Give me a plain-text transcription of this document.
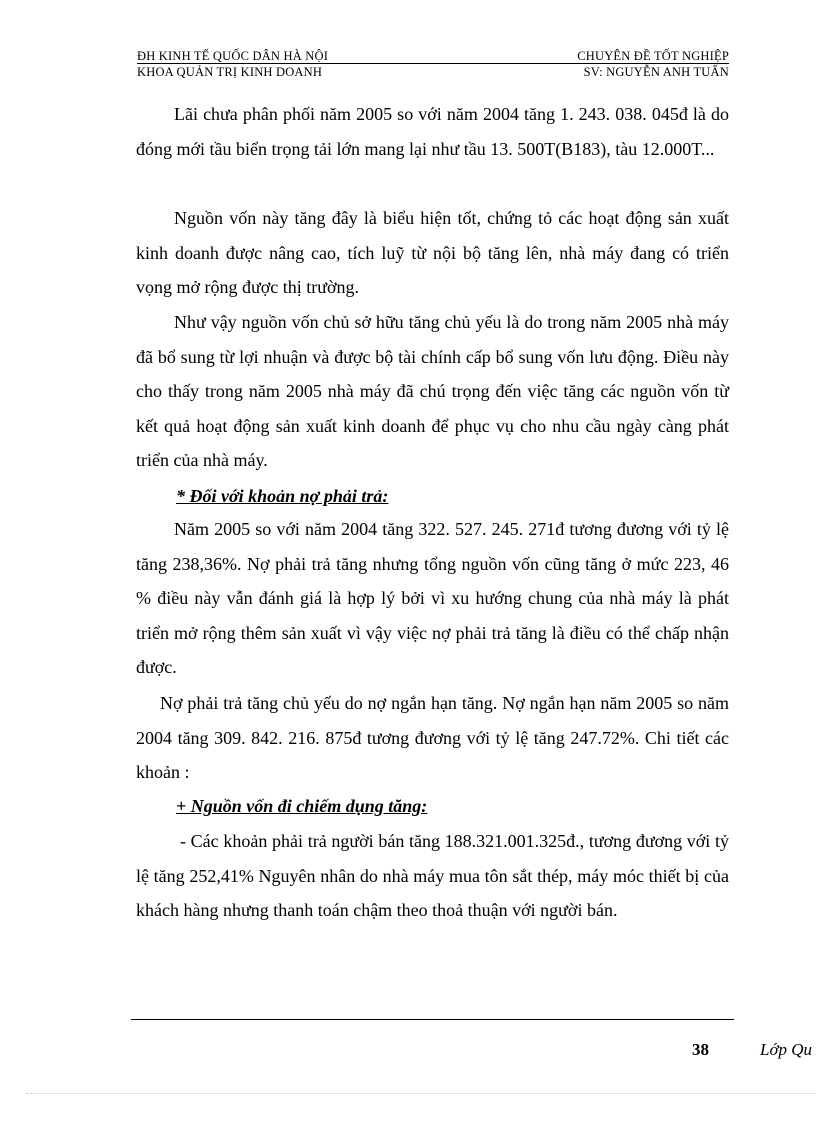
ĐH KINH TẾ QUỐC DÂN HÀ NỘI	CHUYÊN ĐỀ TỐT NGHIỆP
KHOA QUẢN TRỊ KINH DOANH	SV: NGUYỄN ANH TUẤN
Lãi chưa phân phối năm 2005 so với năm 2004 tăng 1. 243. 038. 045đ là do đóng mới tầu biển trọng tải lớn mang lại như tầu 13. 500T(B183), tàu 12.000T...
Nguồn vốn này tăng đây là biểu hiện tốt, chứng tỏ các hoạt động sản xuất kinh doanh được nâng cao, tích luỹ từ nội bộ tăng lên, nhà máy đang có triển vọng mở rộng được thị trường.
Như vậy nguồn vốn chủ sở hữu tăng chủ yếu là do trong năm 2005 nhà máy đã bổ sung từ lợi nhuận và được bộ tài chính cấp bổ sung vốn lưu động. Điều này cho thấy trong năm 2005 nhà máy đã chú trọng đến việc tăng các nguồn vốn từ kết quả hoạt động sản xuất kinh doanh để phục vụ cho nhu cầu ngày càng phát triển của nhà máy.
* Đối với khoản nợ phải trả:
Năm 2005 so với năm 2004 tăng 322. 527. 245. 271đ tương đương với tỷ lệ tăng 238,36%. Nợ phải trả tăng nhưng tổng nguồn vốn cũng tăng ở mức 223, 46 % điều này vẫn đánh giá là hợp lý bởi vì xu hướng chung của nhà máy là phát triển mở rộng thêm sản xuất vì vậy việc nợ phải trả tăng là điều có thể chấp nhận được.
Nợ phải trả tăng chủ yếu do nợ ngắn hạn tăng. Nợ ngắn hạn năm 2005 so năm 2004 tăng 309. 842. 216. 875đ tương đương với tỷ lệ tăng 247.72%. Chi tiết các khoản :
+ Nguồn vốn đi chiếm dụng tăng:
- Các khoản phải trả người bán tăng 188.321.001.325đ., tương đương với tỷ lệ tăng 252,41% Nguyên nhân do nhà máy mua tôn sắt thép, máy móc thiết bị của khách hàng nhưng thanh toán chậm theo thoả thuận với người bán.
38	Lớp Qu
